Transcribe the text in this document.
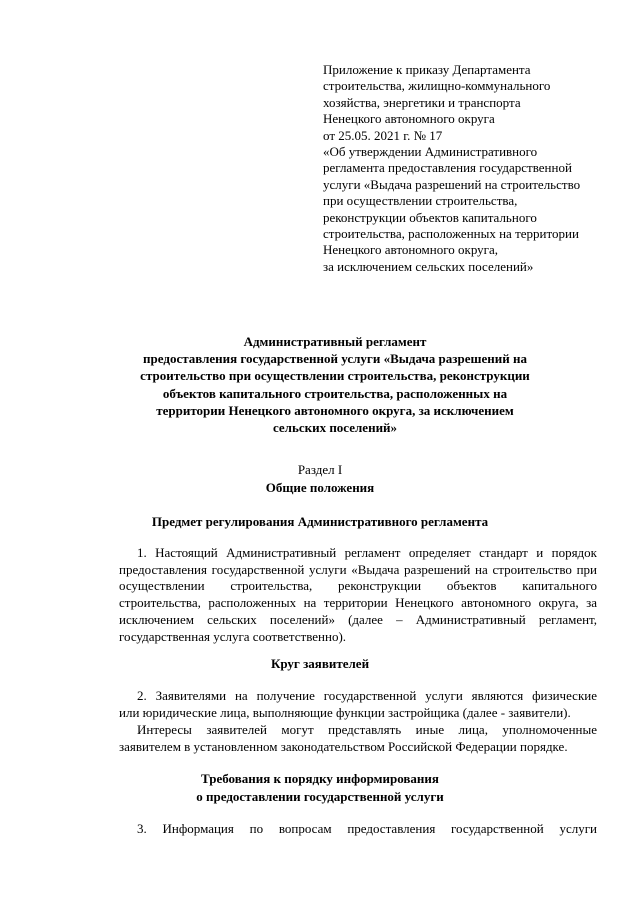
Приложение к приказу Департамента
строительства, жилищно-коммунального
хозяйства, энергетики и транспорта
Ненецкого автономного округа
от 25.05. 2021 г. № 17
«Об утверждении Административного
регламента предоставления государственной
услуги «Выдача разрешений на строительство
при осуществлении строительства,
реконструкции объектов капитального
строительства, расположенных на территории
Ненецкого автономного округа,
за исключением сельских поселений»
Административный регламент
предоставления государственной услуги «Выдача разрешений на
строительство при осуществлении строительства, реконструкции
объектов капитального строительства, расположенных на
территории Ненецкого автономного округа, за исключением
сельских поселений»
Раздел I
Общие положения
Предмет регулирования Административного регламента
1. Настоящий Административный регламент определяет стандарт и порядок
предоставления государственной услуги «Выдача разрешений на строительство при
осуществлении строительства, реконструкции объектов капитального
строительства, расположенных на территории Ненецкого автономного округа, за
исключением сельских поселений» (далее – Административный регламент,
государственная услуга соответственно).
Круг заявителей
2. Заявителями на получение государственной услуги являются физические
или юридические лица, выполняющие функции застройщика (далее - заявители).
Интересы заявителей могут представлять иные лица, уполномоченные
заявителем в установленном законодательством Российской Федерации порядке.
Требования к порядку информирования
о предоставлении государственной услуги
3. Информация по вопросам предоставления государственной услуги
